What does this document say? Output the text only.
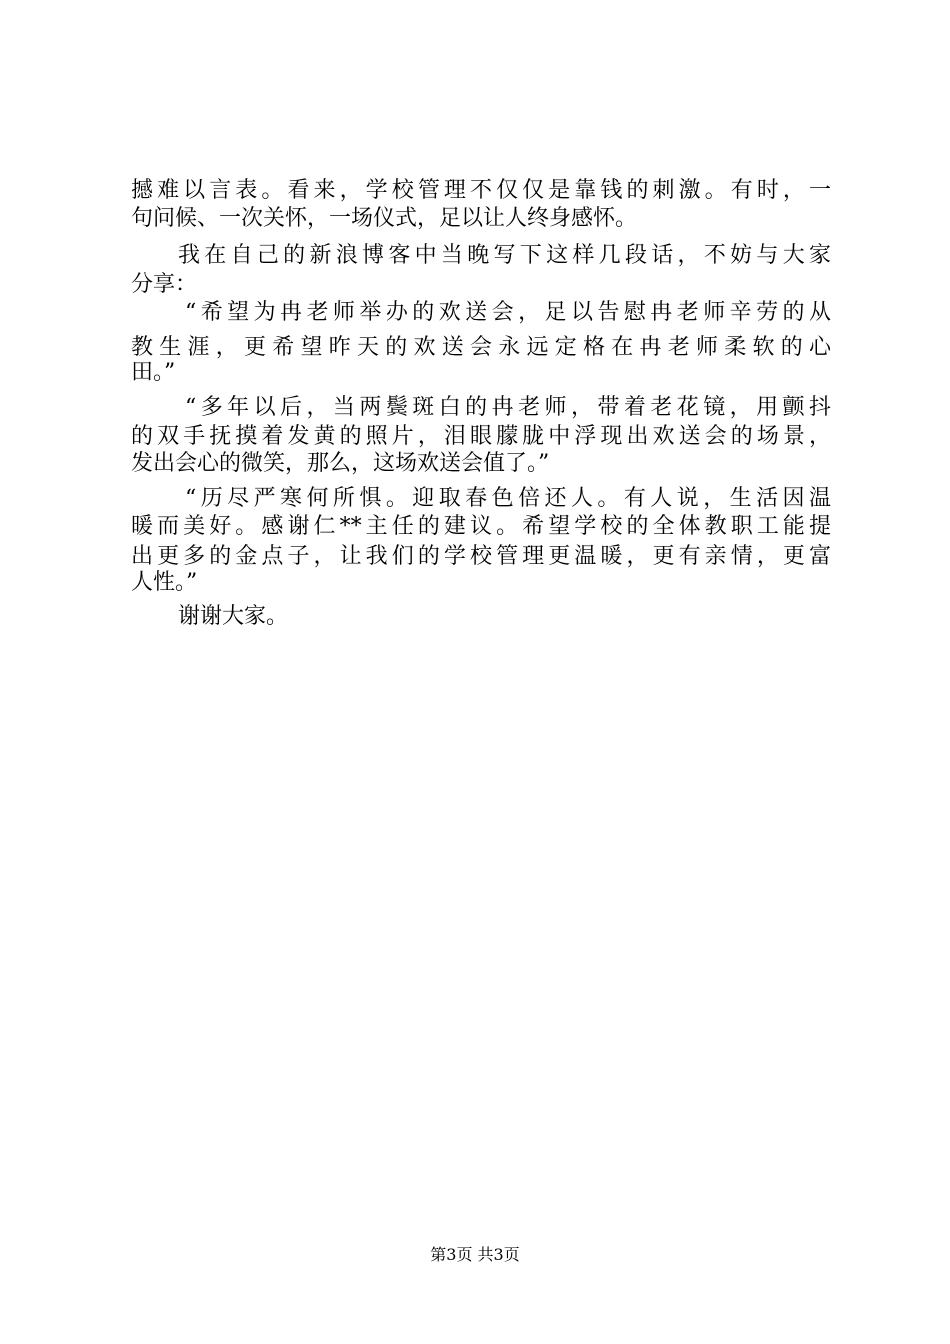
撼难以言表。看来，学校管理不仅仅是靠钱的刺激。有时，一
句问候、一次关怀，一场仪式，足以让人终身感怀。
我在自己的新浪博客中当晚写下这样几段话，不妨与大家
分享：
“希望为冉老师举办的欢送会，足以告慰冉老师辛劳的从
教生涯，更希望昨天的欢送会永远定格在冉老师柔软的心
田。”
“多年以后，当两鬓斑白的冉老师，带着老花镜，用颤抖
的双手抚摸着发黄的照片，泪眼朦胧中浮现出欢送会的场景，
发出会心的微笑，那么，这场欢送会值了。”
“历尽严寒何所惧。迎取春色倍还人。有人说，生活因温
暖而美好。感谢仁**主任的建议。希望学校的全体教职工能提
出更多的金点子，让我们的学校管理更温暖，更有亲情，更富
人性。”
谢谢大家。
第3页 共3页
